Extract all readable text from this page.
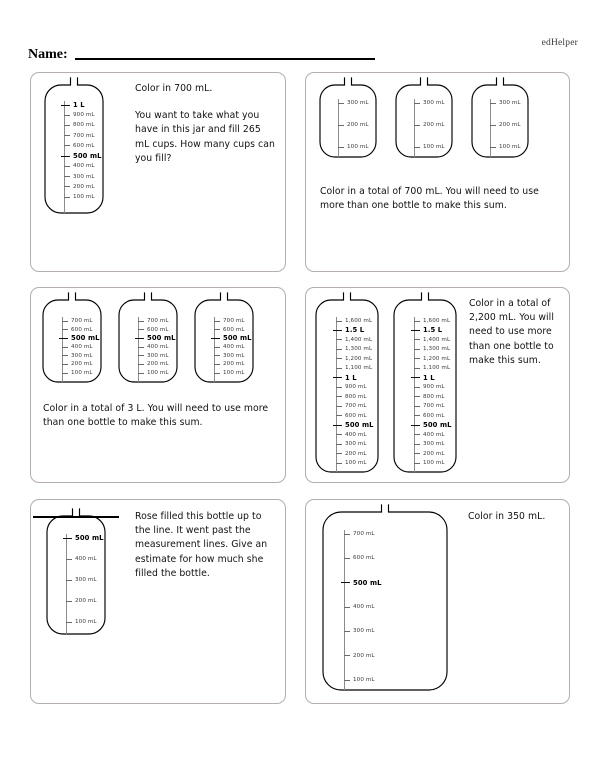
edHelper
Name:
1 L
900 mL
800 mL
700 mL
600 mL
500 mL
400 mL
300 mL
200 mL
100 mL

Color in 700 mL.

You want to take what you have in this jar and fill 265 mL cups. How many cups can you fill?

300 mL
200 mL
100 mL
300 mL
200 mL
100 mL
300 mL
200 mL
100 mL

Color in a total of 700 mL. You will need to use more than one bottle to make this sum.

700 mL
600 mL
500 mL
400 mL
300 mL
200 mL
100 mL
700 mL
600 mL
500 mL
400 mL
300 mL
200 mL
100 mL
700 mL
600 mL
500 mL
400 mL
300 mL
200 mL
100 mL

Color in a total of 3 L. You will need to use more than one bottle to make this sum.

1,600 mL
1.5 L
1,400 mL
1,300 mL
1,200 mL
1,100 mL
1 L
900 mL
800 mL
700 mL
600 mL
500 mL
400 mL
300 mL
200 mL
100 mL
1,600 mL
1.5 L
1,400 mL
1,300 mL
1,200 mL
1,100 mL
1 L
900 mL
800 mL
700 mL
600 mL
500 mL
400 mL
300 mL
200 mL
100 mL

Color in a total of 2,200 mL. You will need to use more than one bottle to make this sum.

500 mL
400 mL
300 mL
200 mL
100 mL

Rose filled this bottle up to the line. It went past the measurement lines. Give an estimate for how much she filled the bottle.

700 mL
600 mL
500 mL
400 mL
300 mL
200 mL
100 mL

Color in 350 mL.
